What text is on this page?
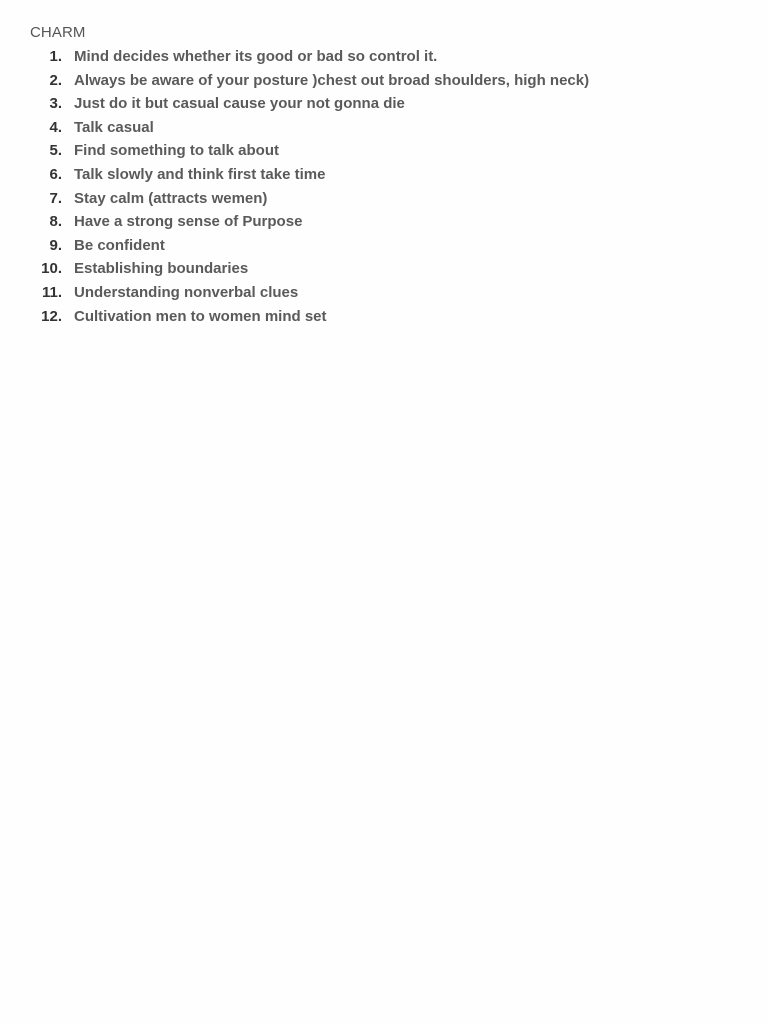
CHARM
1. Mind decides whether its good or bad so control it.
2. Always be aware of your posture )chest out broad shoulders, high neck)
3. Just do it but casual cause your not gonna die
4. Talk casual
5. Find something to talk about
6. Talk slowly and think first take time
7. Stay calm (attracts wemen)
8. Have a strong sense of Purpose
9. Be confident
10. Establishing boundaries
11. Understanding nonverbal clues
12. Cultivation men to women mind set
